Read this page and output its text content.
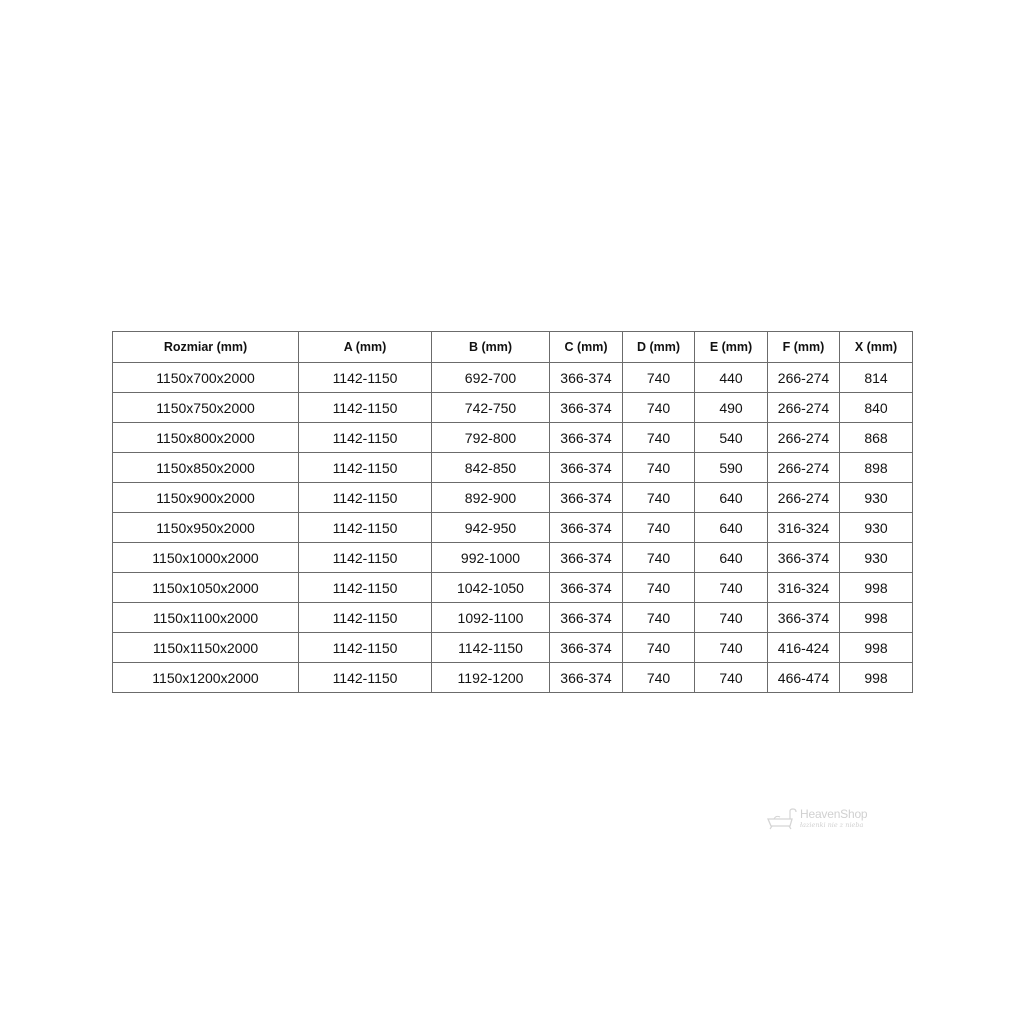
Rozmiar (mm)	A (mm)	B (mm)	C (mm)	D (mm)	E (mm)	F (mm)	X (mm)
1150x700x2000	1142-1150	692-700	366-374	740	440	266-274	814
1150x750x2000	1142-1150	742-750	366-374	740	490	266-274	840
1150x800x2000	1142-1150	792-800	366-374	740	540	266-274	868
1150x850x2000	1142-1150	842-850	366-374	740	590	266-274	898
1150x900x2000	1142-1150	892-900	366-374	740	640	266-274	930
1150x950x2000	1142-1150	942-950	366-374	740	640	316-324	930
1150x1000x2000	1142-1150	992-1000	366-374	740	640	366-374	930
1150x1050x2000	1142-1150	1042-1050	366-374	740	740	316-324	998
1150x1100x2000	1142-1150	1092-1100	366-374	740	740	366-374	998
1150x1150x2000	1142-1150	1142-1150	366-374	740	740	416-424	998
1150x1200x2000	1142-1150	1192-1200	366-374	740	740	466-474	998
HeavenShop
łazienki nie z nieba
